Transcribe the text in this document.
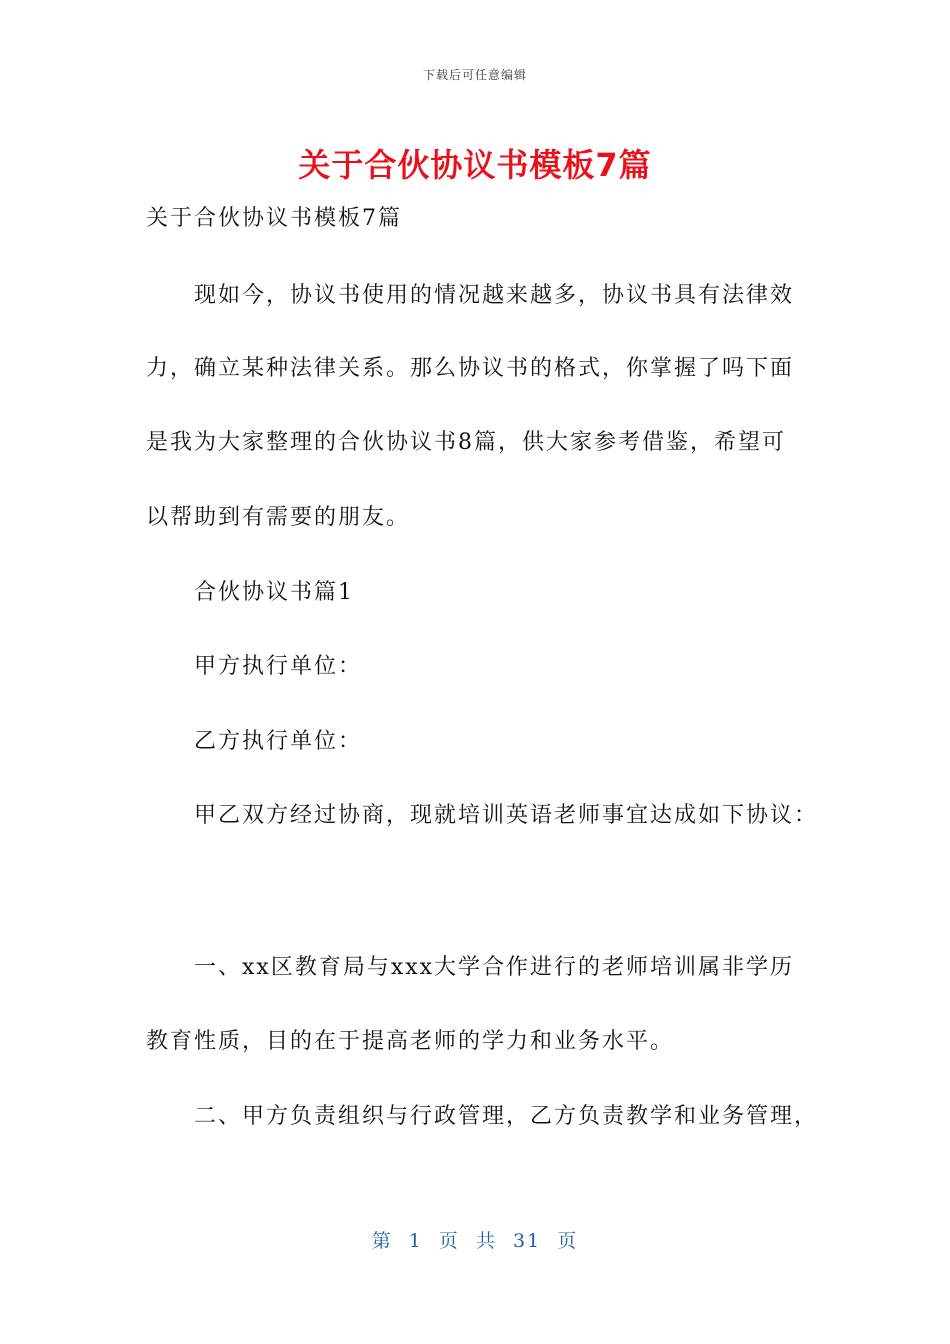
下载后可任意编辑
关于合伙协议书模板7篇
关于合伙协议书模板7篇
现如今，协议书使用的情况越来越多，协议书具有法律效
力，确立某种法律关系。那么协议书的格式，你掌握了吗下面
是我为大家整理的合伙协议书8篇，供大家参考借鉴，希望可
以帮助到有需要的朋友。
合伙协议书篇1
甲方执行单位：
乙方执行单位：
甲乙双方经过协商，现就培训英语老师事宜达成如下协议：
一、xx区教育局与xxx大学合作进行的老师培训属非学历
教育性质，目的在于提高老师的学力和业务水平。
二、甲方负责组织与行政管理，乙方负责教学和业务管理，
第 1 页 共 31 页
